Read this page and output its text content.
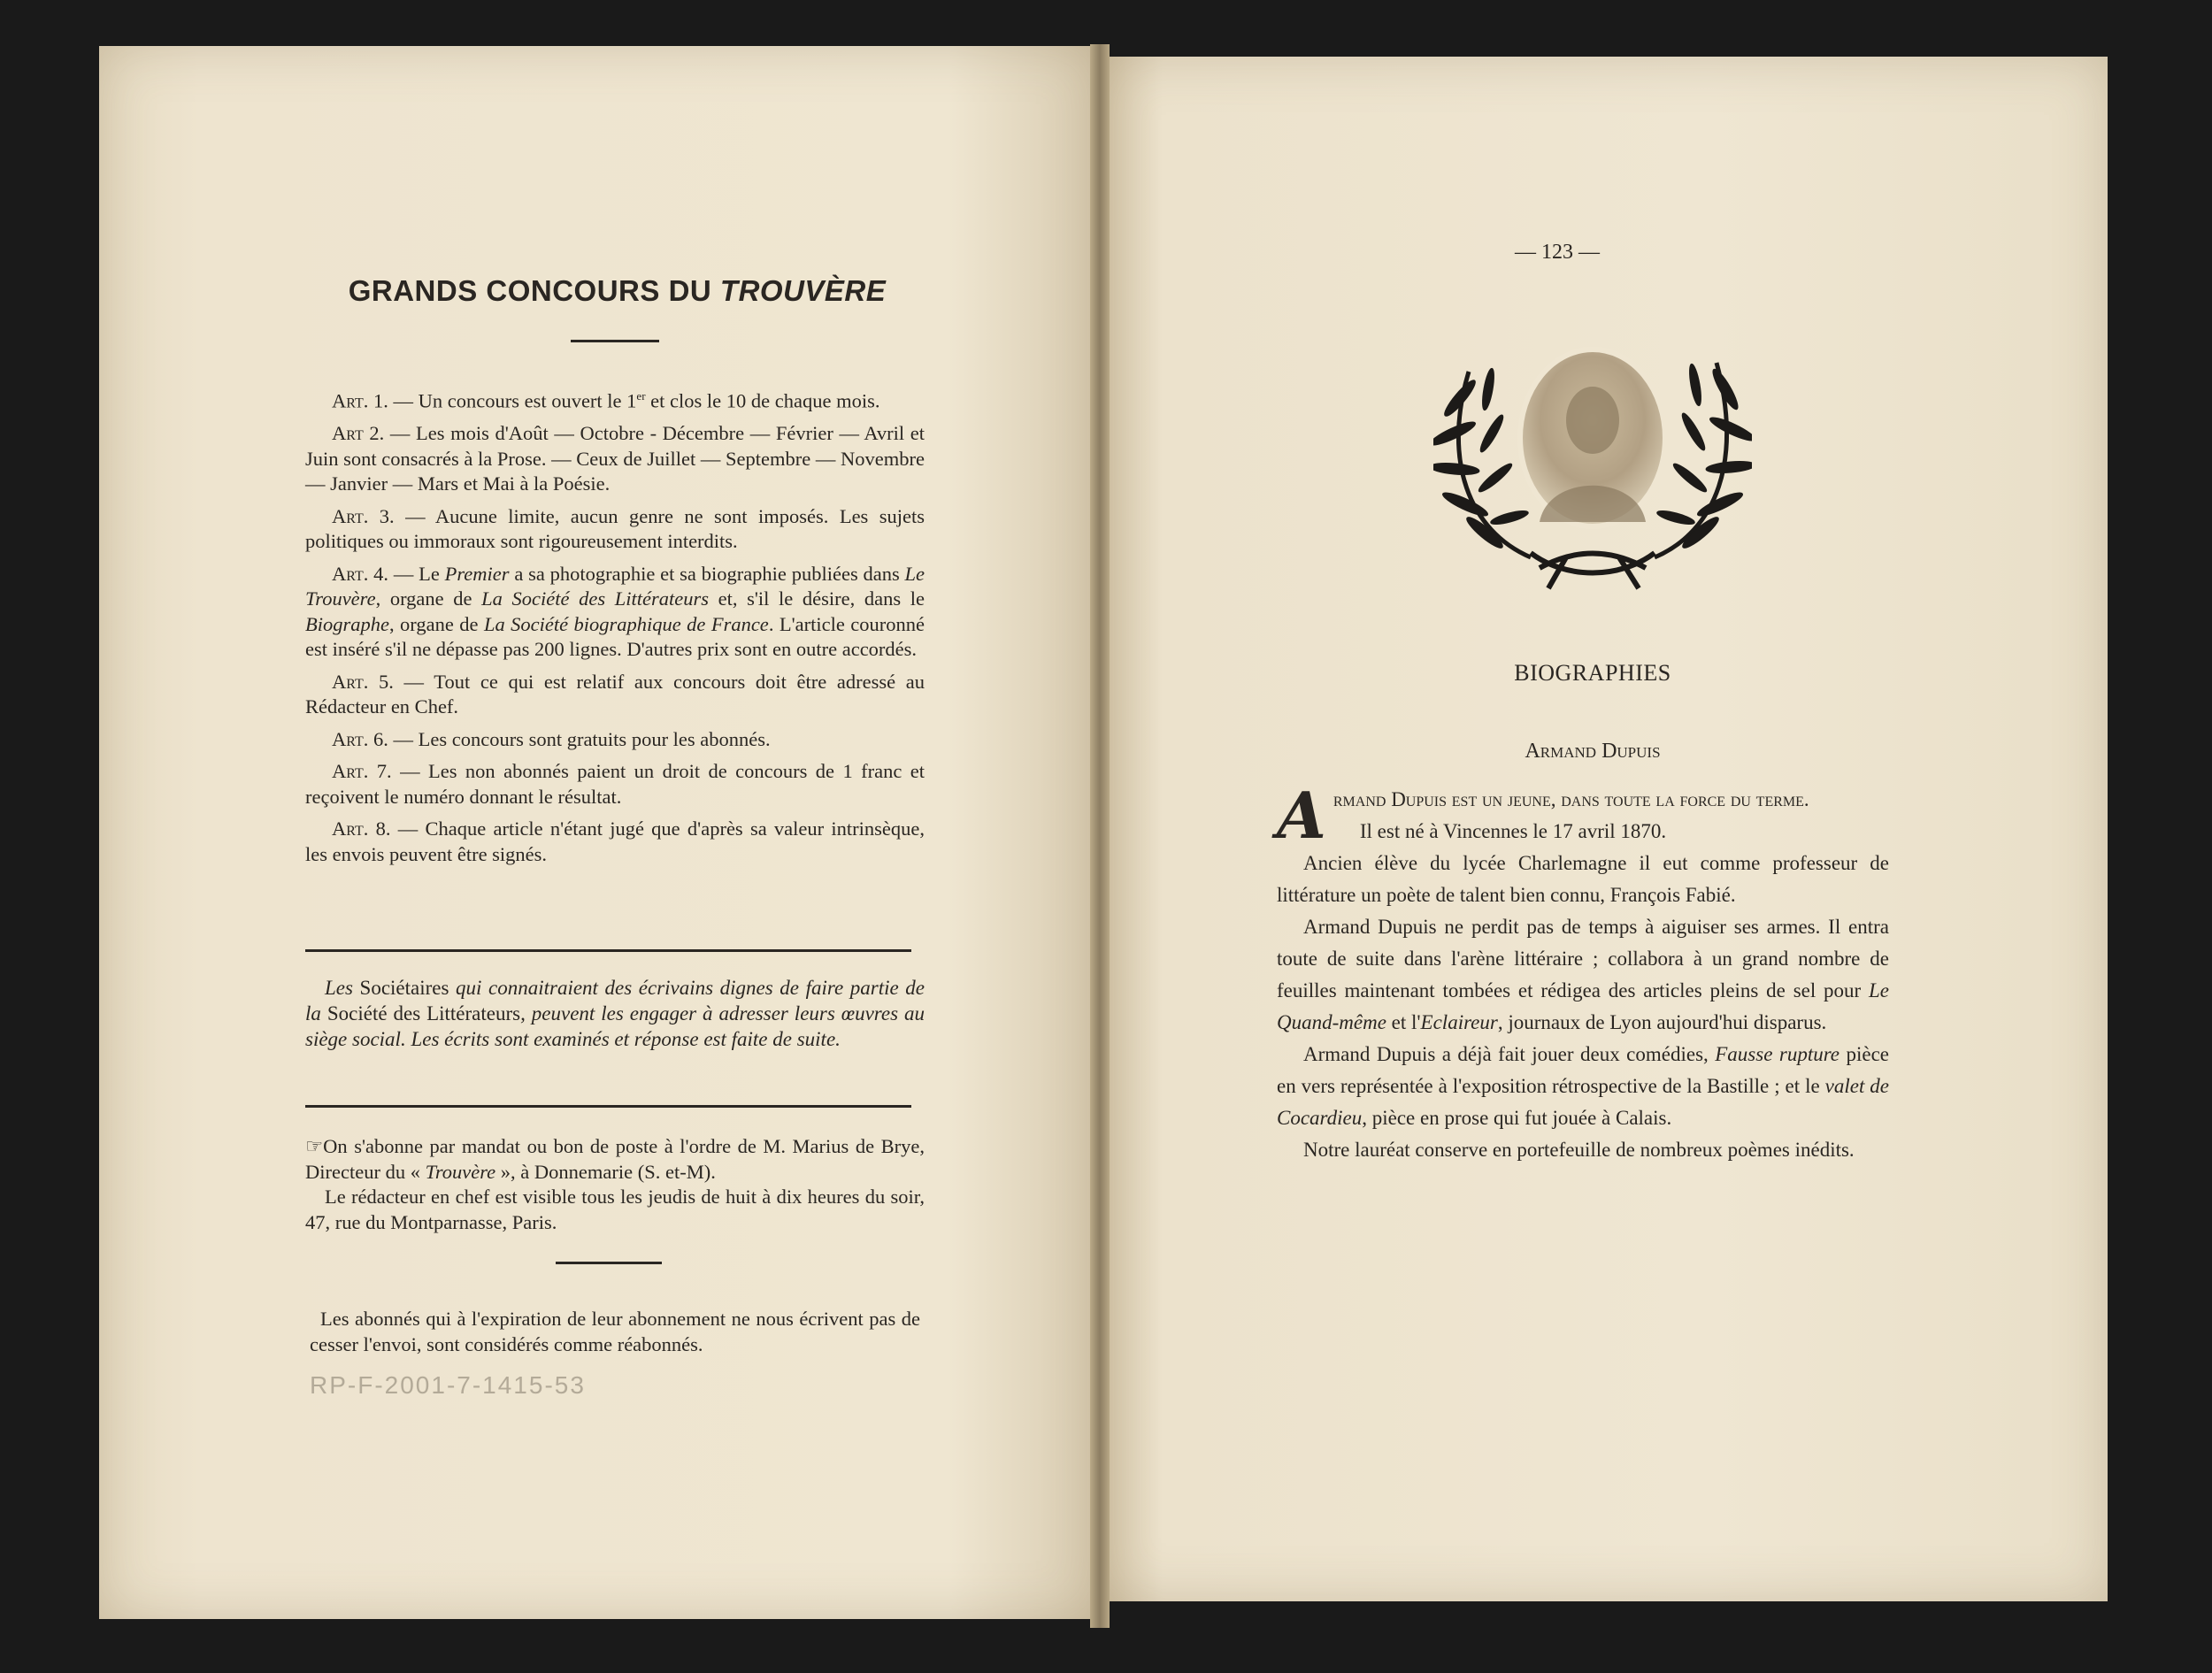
GRANDS CONCOURS DU TROUVÈRE

Art. 1. — Un concours est ouvert le 1er et clos le 10 de chaque mois.

Art 2. — Les mois d'Août — Octobre - Décembre — Février — Avril et Juin sont consacrés à la Prose. — Ceux de Juillet — Septembre — Novembre — Janvier — Mars et Mai à la Poésie.

Art. 3. — Aucune limite, aucun genre ne sont imposés. Les sujets politiques ou immoraux sont rigoureusement interdits.

Art. 4. — Le Premier a sa photographie et sa biographie publiées dans Le Trouvère, organe de La Société des Littérateurs et, s'il le désire, dans le Biographe, organe de La Société biographique de France. L'article couronné est inséré s'il ne dépasse pas 200 lignes. D'autres prix sont en outre accordés.

Art. 5. — Tout ce qui est relatif aux concours doit être adressé au Rédacteur en Chef.

Art. 6. — Les concours sont gratuits pour les abonnés.

Art. 7. — Les non abonnés paient un droit de concours de 1 franc et reçoivent le numéro donnant le résultat.

Art. 8. — Chaque article n'étant jugé que d'après sa valeur intrinsèque, les envois peuvent être signés.

Les Sociétaires qui connaitraient des écrivains dignes de faire partie de la Société des Littérateurs, peuvent les engager à adresser leurs œuvres au siège social. Les écrits sont examinés et réponse est faite de suite.

☞On s'abonne par mandat ou bon de poste à l'ordre de M. Marius de Brye, Directeur du « Trouvère », à Donnemarie (S. et-M).

Le rédacteur en chef est visible tous les jeudis de huit à dix heures du soir, 47, rue du Montparnasse, Paris.

Les abonnés qui à l'expiration de leur abonnement ne nous écrivent pas de cesser l'envoi, sont considérés comme réabonnés.

RP-F-2001-7-1415-53
— 123 —
BIOGRAPHIES
Armand Dupuis

Armand Dupuis est un jeune, dans toute la force du terme.

Il est né à Vincennes le 17 avril 1870.

Ancien élève du lycée Charlemagne il eut comme professeur de littérature un poète de talent bien connu, François Fabié.

Armand Dupuis ne perdit pas de temps à aiguiser ses armes. Il entra toute de suite dans l'arène littéraire ; collabora à un grand nombre de feuilles maintenant tombées et rédigea des articles pleins de sel pour Le Quand-même et l'Eclaireur, journaux de Lyon aujourd'hui disparus.

Armand Dupuis a déjà fait jouer deux comédies, Fausse rupture pièce en vers représentée à l'exposition rétrospective de la Bastille ; et le valet de Cocardieu, pièce en prose qui fut jouée à Calais.

Notre lauréat conserve en portefeuille de nombreux poèmes inédits.
